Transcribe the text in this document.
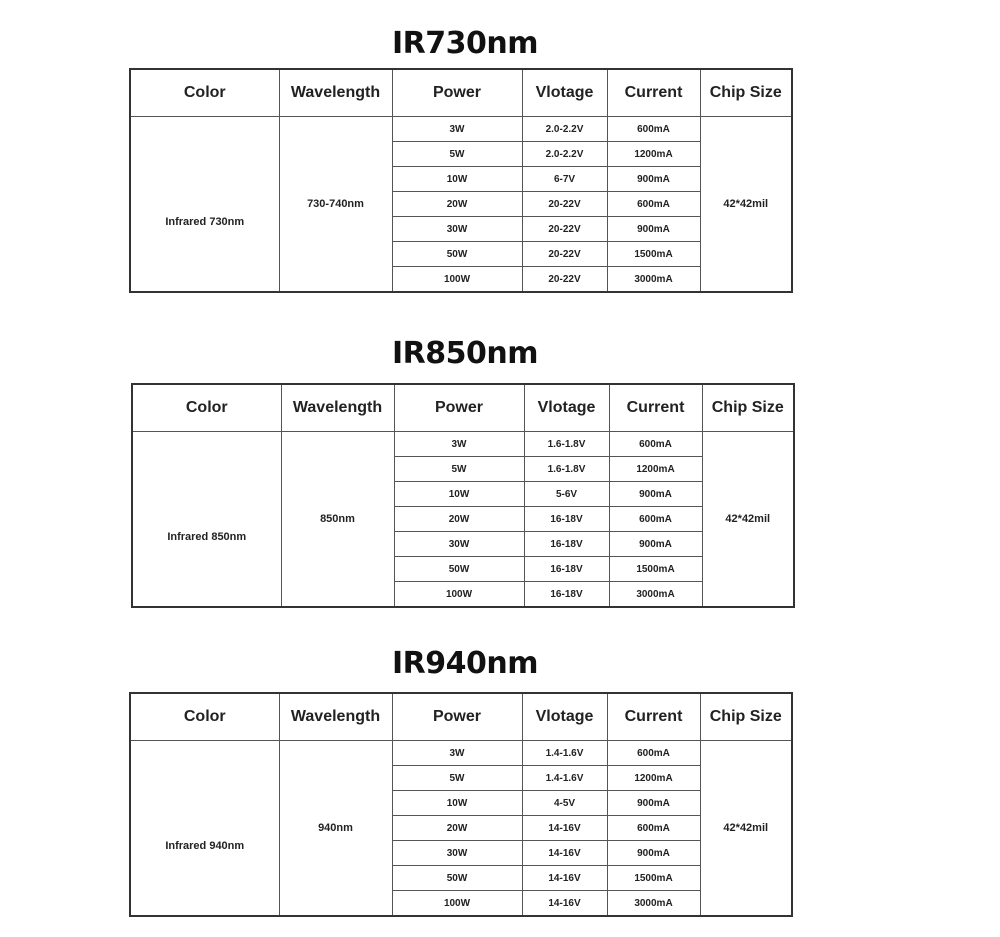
IR730nm
Color	Wavelength	Power	Vlotage	Current	Chip Size
Infrared 730nm	730-740nm	3W	2.0-2.2V	600mA	42*42mil
		5W	2.0-2.2V	1200mA	
		10W	6-7V	900mA	
		20W	20-22V	600mA	
		30W	20-22V	900mA	
		50W	20-22V	1500mA	
		100W	20-22V	3000mA	
IR850nm
Color	Wavelength	Power	Vlotage	Current	Chip Size
Infrared 850nm	850nm	3W	1.6-1.8V	600mA	42*42mil
		5W	1.6-1.8V	1200mA	
		10W	5-6V	900mA	
		20W	16-18V	600mA	
		30W	16-18V	900mA	
		50W	16-18V	1500mA	
		100W	16-18V	3000mA	
IR940nm
Color	Wavelength	Power	Vlotage	Current	Chip Size
Infrared 940nm	940nm	3W	1.4-1.6V	600mA	42*42mil
		5W	1.4-1.6V	1200mA	
		10W	4-5V	900mA	
		20W	14-16V	600mA	
		30W	14-16V	900mA	
		50W	14-16V	1500mA	
		100W	14-16V	3000mA	
